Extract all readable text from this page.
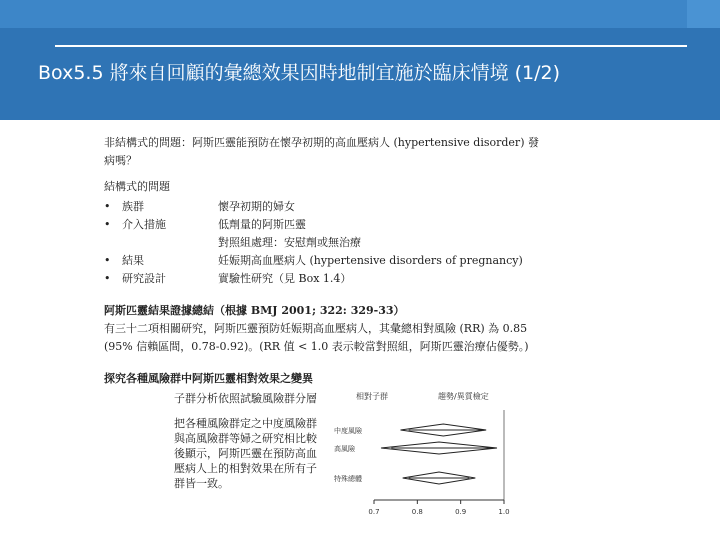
Box5.5 將來自回顧的彙總效果因時地制宜施於臨床情境 (1/2)
非結構式的問題：阿斯匹靈能預防在懷孕初期的高血壓病人 (hypertensive disorder) 發
病嗎？
結構式的問題
• 族群	懷孕初期的婦女
• 介入措施	低劑量的阿斯匹靈
對照組處理：安慰劑或無治療
• 結果	妊娠期高血壓病人 (hypertensive disorders of pregnancy)
• 研究設計	實驗性研究（見 Box 1.4）
阿斯匹靈結果證據總結（根據 BMJ 2001; 322: 329-33）
有三十二項相關研究，阿斯匹靈預防妊娠期高血壓病人，其彙總相對風險 (RR) 為 0.85
(95% 信賴區間，0.78-0.92)。(RR 值 < 1.0 表示較當對照組，阿斯匹靈治療佔優勢。)
探究各種風險群中阿斯匹靈相對效果之變異
子群分析依照試驗風險群分層
把各種風險群定之中度風險群
與高風險群等婦之研究相比較
後顯示，阿斯匹靈在預防高血
壓病人上的相對效果在所有子
群皆一致。
相對子群	趨勢/異質檢定
中度風險
高風險
特殊總體
0.7	0.8	0.9	1.0
